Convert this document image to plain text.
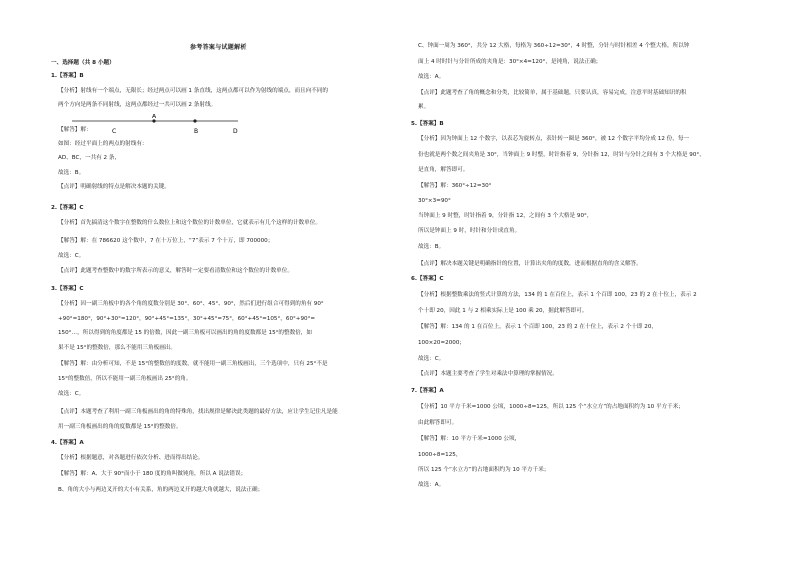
参考答案与试题解析
一、选择题（共 8 小题）
1.【答案】B
【分析】射线有一个端点，无限长；经过两点可以画 1 条直线，这两点都可以作为射线的端点，而且向不同的
两个方向是两条不同射线，这两点都经过一共可以画 2 条射线。
【解答】解：
如图：经过平面上的两点的射线有：
AD、BC，一共有 2 条，
故选：B。
【点评】明确射线的特点是解决本题的关键。
2.【答案】C
【分析】首先搞清这个数字在整数的什么数位上和这个数位的计数单位，它就表示有几个这样的计数单位。
【解答】解：在 786620 这个数中，7 在十万位上，“7”表示 7 个十万，即 700000；
故选：C。
【点评】此题考查整数中的数字所表示的意义，解答时一定要看清数位和这个数位的计数单位。
3.【答案】C
【分析】因一副三角板中的各个角的度数分别是 30°、60°、45°、90°，然后们进行组合可得到的角有 90°
+90°=180°，90°+30°=120°，90°+45°=135°，30°+45°=75°，60°+45°=105°，60°+90°=
150°…，所以得到的角度都是 15 的倍数，因此一副三角板可以画出的角的度数都是 15°的整数倍，如
果不是 15°的整数倍，那么不能用三角板画出。
【解答】解：由分析可知，不是 15°的整数倍的度数，就不能用一副三角板画出，三个选项中，只有 25°不是
15°的整数倍，所以不能用一副三角板画出 25°的角。
故选：C。
【点评】本题考查了利用一副三角板画出的角的特殊角，找出规律是解决此类题的最好方法，应让学生记住凡是能
用一副三角板画出的角的度数都是 15°的整数倍。
4.【答案】A
【分析】根据题意，对各题进行依次分析、进而得出结论。
【解答】解：A、大于 90°而小于 180 度的角叫做钝角，所以 A 说法错误；
B、角的大小与两边叉开的大小有关系，角的两边叉开的越大角就越大，说法正确；
C、钟面一周为 360°，共分 12 大格，每格为 360÷12=30°，4 时整，分针与时针相差 4 个整大格，所以钟
面上 4 时时针与分针所成的夹角是：30°×4=120°，是钝角，说法正确；
故选：A。
【点评】此题考查了角的概念和分类，比较简单，属于基础题，只要认真，容易完成，注意平时基础知识的积
累。
5.【答案】B
【分析】因为钟面上 12 个数字，以表芯为旋转点，表针转一圈是 360°，被 12 个数字平均分成 12 份，每一
份也就是两个数之间夹角是 30°，当钟面上 9 时整，时针指着 9，分针指 12，时针与分针之间有 3 个大格是 90°，
是直角，解答即可。
【解答】解：360°÷12=30°
30°×3=90°
当钟面上 9 时整，时针指着 9，分针指 12，之间有 3 个大格是 90°，
所以是钟面上 9 时，时针和分针成直角。
故选：B。
【点评】解决本题关键是明确指针的位置，计算出夹角的度数，进而根据直角的含义解答。
6.【答案】C
【分析】根据整数乘法的竖式计算的方法，134 的 1 在百位上，表示 1 个百即 100，23 的 2 在十位上，表示 2
个十即 20，因此 1 与 2 相乘实际上是 100 乘 20，据此解答即可。
【解答】解：134 的 1 在百位上，表示 1 个百即 100，23 的 2 在十位上，表示 2 个十即 20，
100×20=2000；
故选：C。
【点评】本题主要考查了学生对乘法中算理的掌握情况。
7.【答案】A
【分析】10 平方千米=1000 公顷，1000÷8=125，所以 125 个“水立方”的占地面积约为 10 平方千米；
由此解答即可。
【解答】解：10 平方千米=1000 公顷，
1000÷8=125，
所以 125 个“水立方”的占地面积约为 10 平方千米；
故选：A。
C
A
B	D
